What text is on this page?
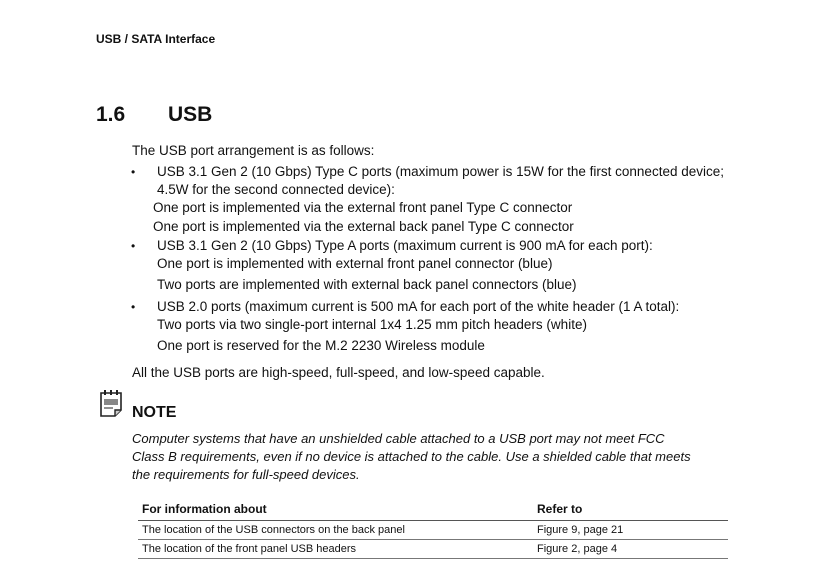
USB / SATA Interface
1.6 USB
The USB port arrangement is as follows:
• USB 3.1 Gen 2 (10 Gbps) Type C ports (maximum power is 15W for the first connected device;
4.5W for the second connected device):
One port is implemented via the external front panel Type C connector
One port is implemented via the external back panel Type C connector
• USB 3.1 Gen 2 (10 Gbps) Type A ports (maximum current is 900 mA for each port):
One port is implemented with external front panel connector (blue)
Two ports are implemented with external back panel connectors (blue)
• USB 2.0 ports (maximum current is 500 mA for each port of the white header (1 A total):
Two ports via two single-port internal 1x4 1.25 mm pitch headers (white)
One port is reserved for the M.2 2230 Wireless module
All the USB ports are high-speed, full-speed, and low-speed capable.
NOTE
Computer systems that have an unshielded cable attached to a USB port may not meet FCC
Class B requirements, even if no device is attached to the cable. Use a shielded cable that meets
the requirements for full-speed devices.
For information about	Refer to
The location of the USB connectors on the back panel	Figure 9, page 21
The location of the front panel USB headers	Figure 2, page 4
